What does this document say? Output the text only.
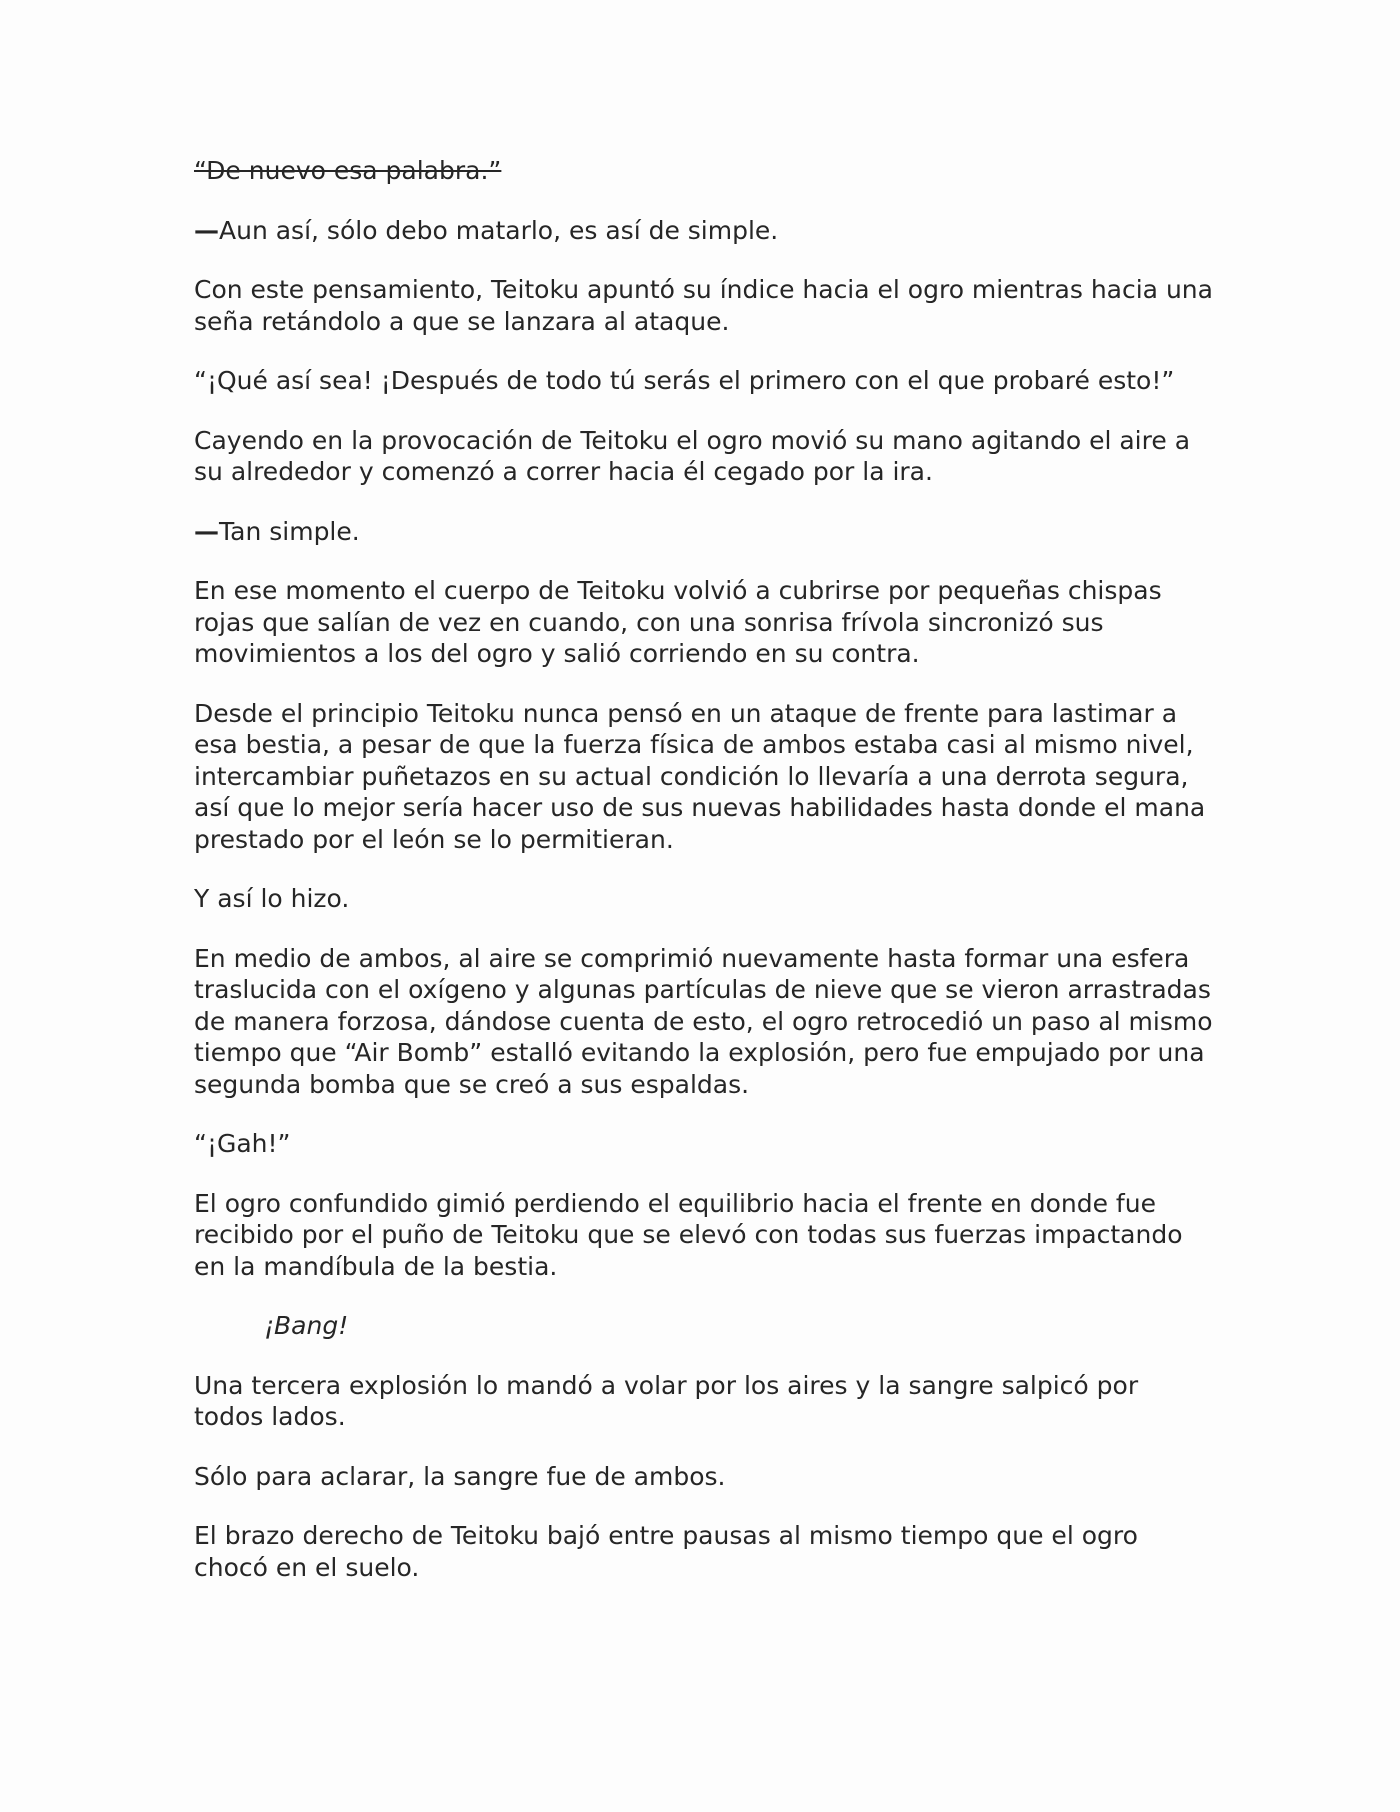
“De nuevo esa palabra.”

—Aun así, sólo debo matarlo, es así de simple.

Con este pensamiento, Teitoku apuntó su índice hacia el ogro mientras hacia una seña retándolo a que se lanzara al ataque.

“¡Qué así sea! ¡Después de todo tú serás el primero con el que probaré esto!”

Cayendo en la provocación de Teitoku el ogro movió su mano agitando el aire a su alrededor y comenzó a correr hacia él cegado por la ira.

—Tan simple.

En ese momento el cuerpo de Teitoku volvió a cubrirse por pequeñas chispas rojas que salían de vez en cuando, con una sonrisa frívola sincronizó sus movimientos a los del ogro y salió corriendo en su contra.

Desde el principio Teitoku nunca pensó en un ataque de frente para lastimar a esa bestia, a pesar de que la fuerza física de ambos estaba casi al mismo nivel, intercambiar puñetazos en su actual condición lo llevaría a una derrota segura, así que lo mejor sería hacer uso de sus nuevas habilidades hasta donde el mana prestado por el león se lo permitieran.

Y así lo hizo.

En medio de ambos, al aire se comprimió nuevamente hasta formar una esfera traslucida con el oxígeno y algunas partículas de nieve que se vieron arrastradas de manera forzosa, dándose cuenta de esto, el ogro retrocedió un paso al mismo tiempo que “Air Bomb” estalló evitando la explosión, pero fue empujado por una segunda bomba que se creó a sus espaldas.

“¡Gah!”

El ogro confundido gimió perdiendo el equilibrio hacia el frente en donde fue recibido por el puño de Teitoku que se elevó con todas sus fuerzas impactando en la mandíbula de la bestia.

¡Bang!

Una tercera explosión lo mandó a volar por los aires y la sangre salpicó por todos lados.

Sólo para aclarar, la sangre fue de ambos.

El brazo derecho de Teitoku bajó entre pausas al mismo tiempo que el ogro chocó en el suelo.
